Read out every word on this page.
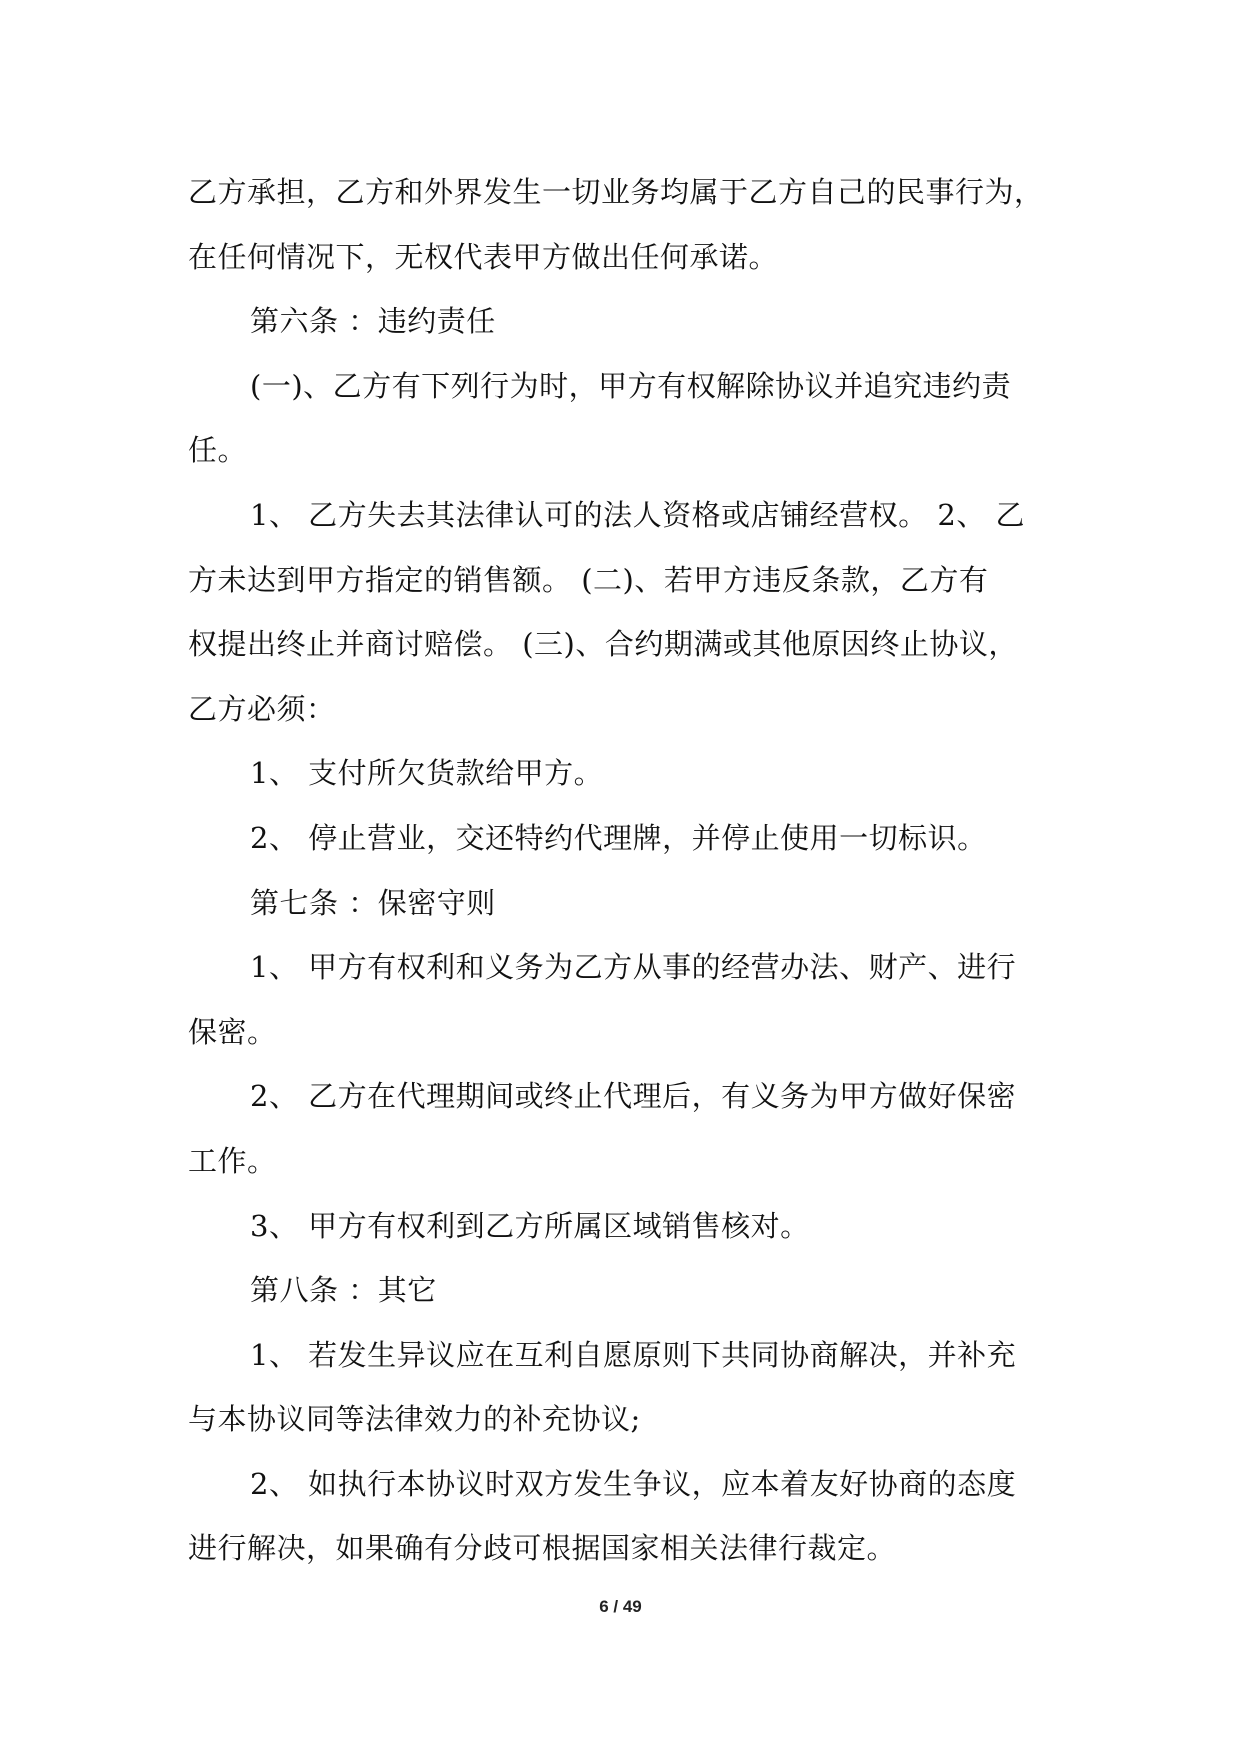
乙方承担，乙方和外界发生一切业务均属于乙方自己的民事行为，
在任何情况下，无权代表甲方做出任何承诺。
第六条 ：违约责任
(一)、乙方有下列行为时，甲方有权解除协议并追究违约责
任。
1、 乙方失去其法律认可的法人资格或店铺经营权。 2、 乙
方未达到甲方指定的销售额。 (二)、若甲方违反条款，乙方有
权提出终止并商讨赔偿。 (三)、合约期满或其他原因终止协议，
乙方必须：
1、 支付所欠货款给甲方。
2、 停止营业，交还特约代理牌，并停止使用一切标识。
第七条 ：保密守则
1、 甲方有权利和义务为乙方从事的经营办法、财产、进行
保密。
2、 乙方在代理期间或终止代理后，有义务为甲方做好保密
工作。
3、 甲方有权利到乙方所属区域销售核对。
第八条 ：其它
1、 若发生异议应在互利自愿原则下共同协商解决，并补充
与本协议同等法律效力的补充协议;
2、 如执行本协议时双方发生争议，应本着友好协商的态度
进行解决，如果确有分歧可根据国家相关法律行裁定。
6 / 49
